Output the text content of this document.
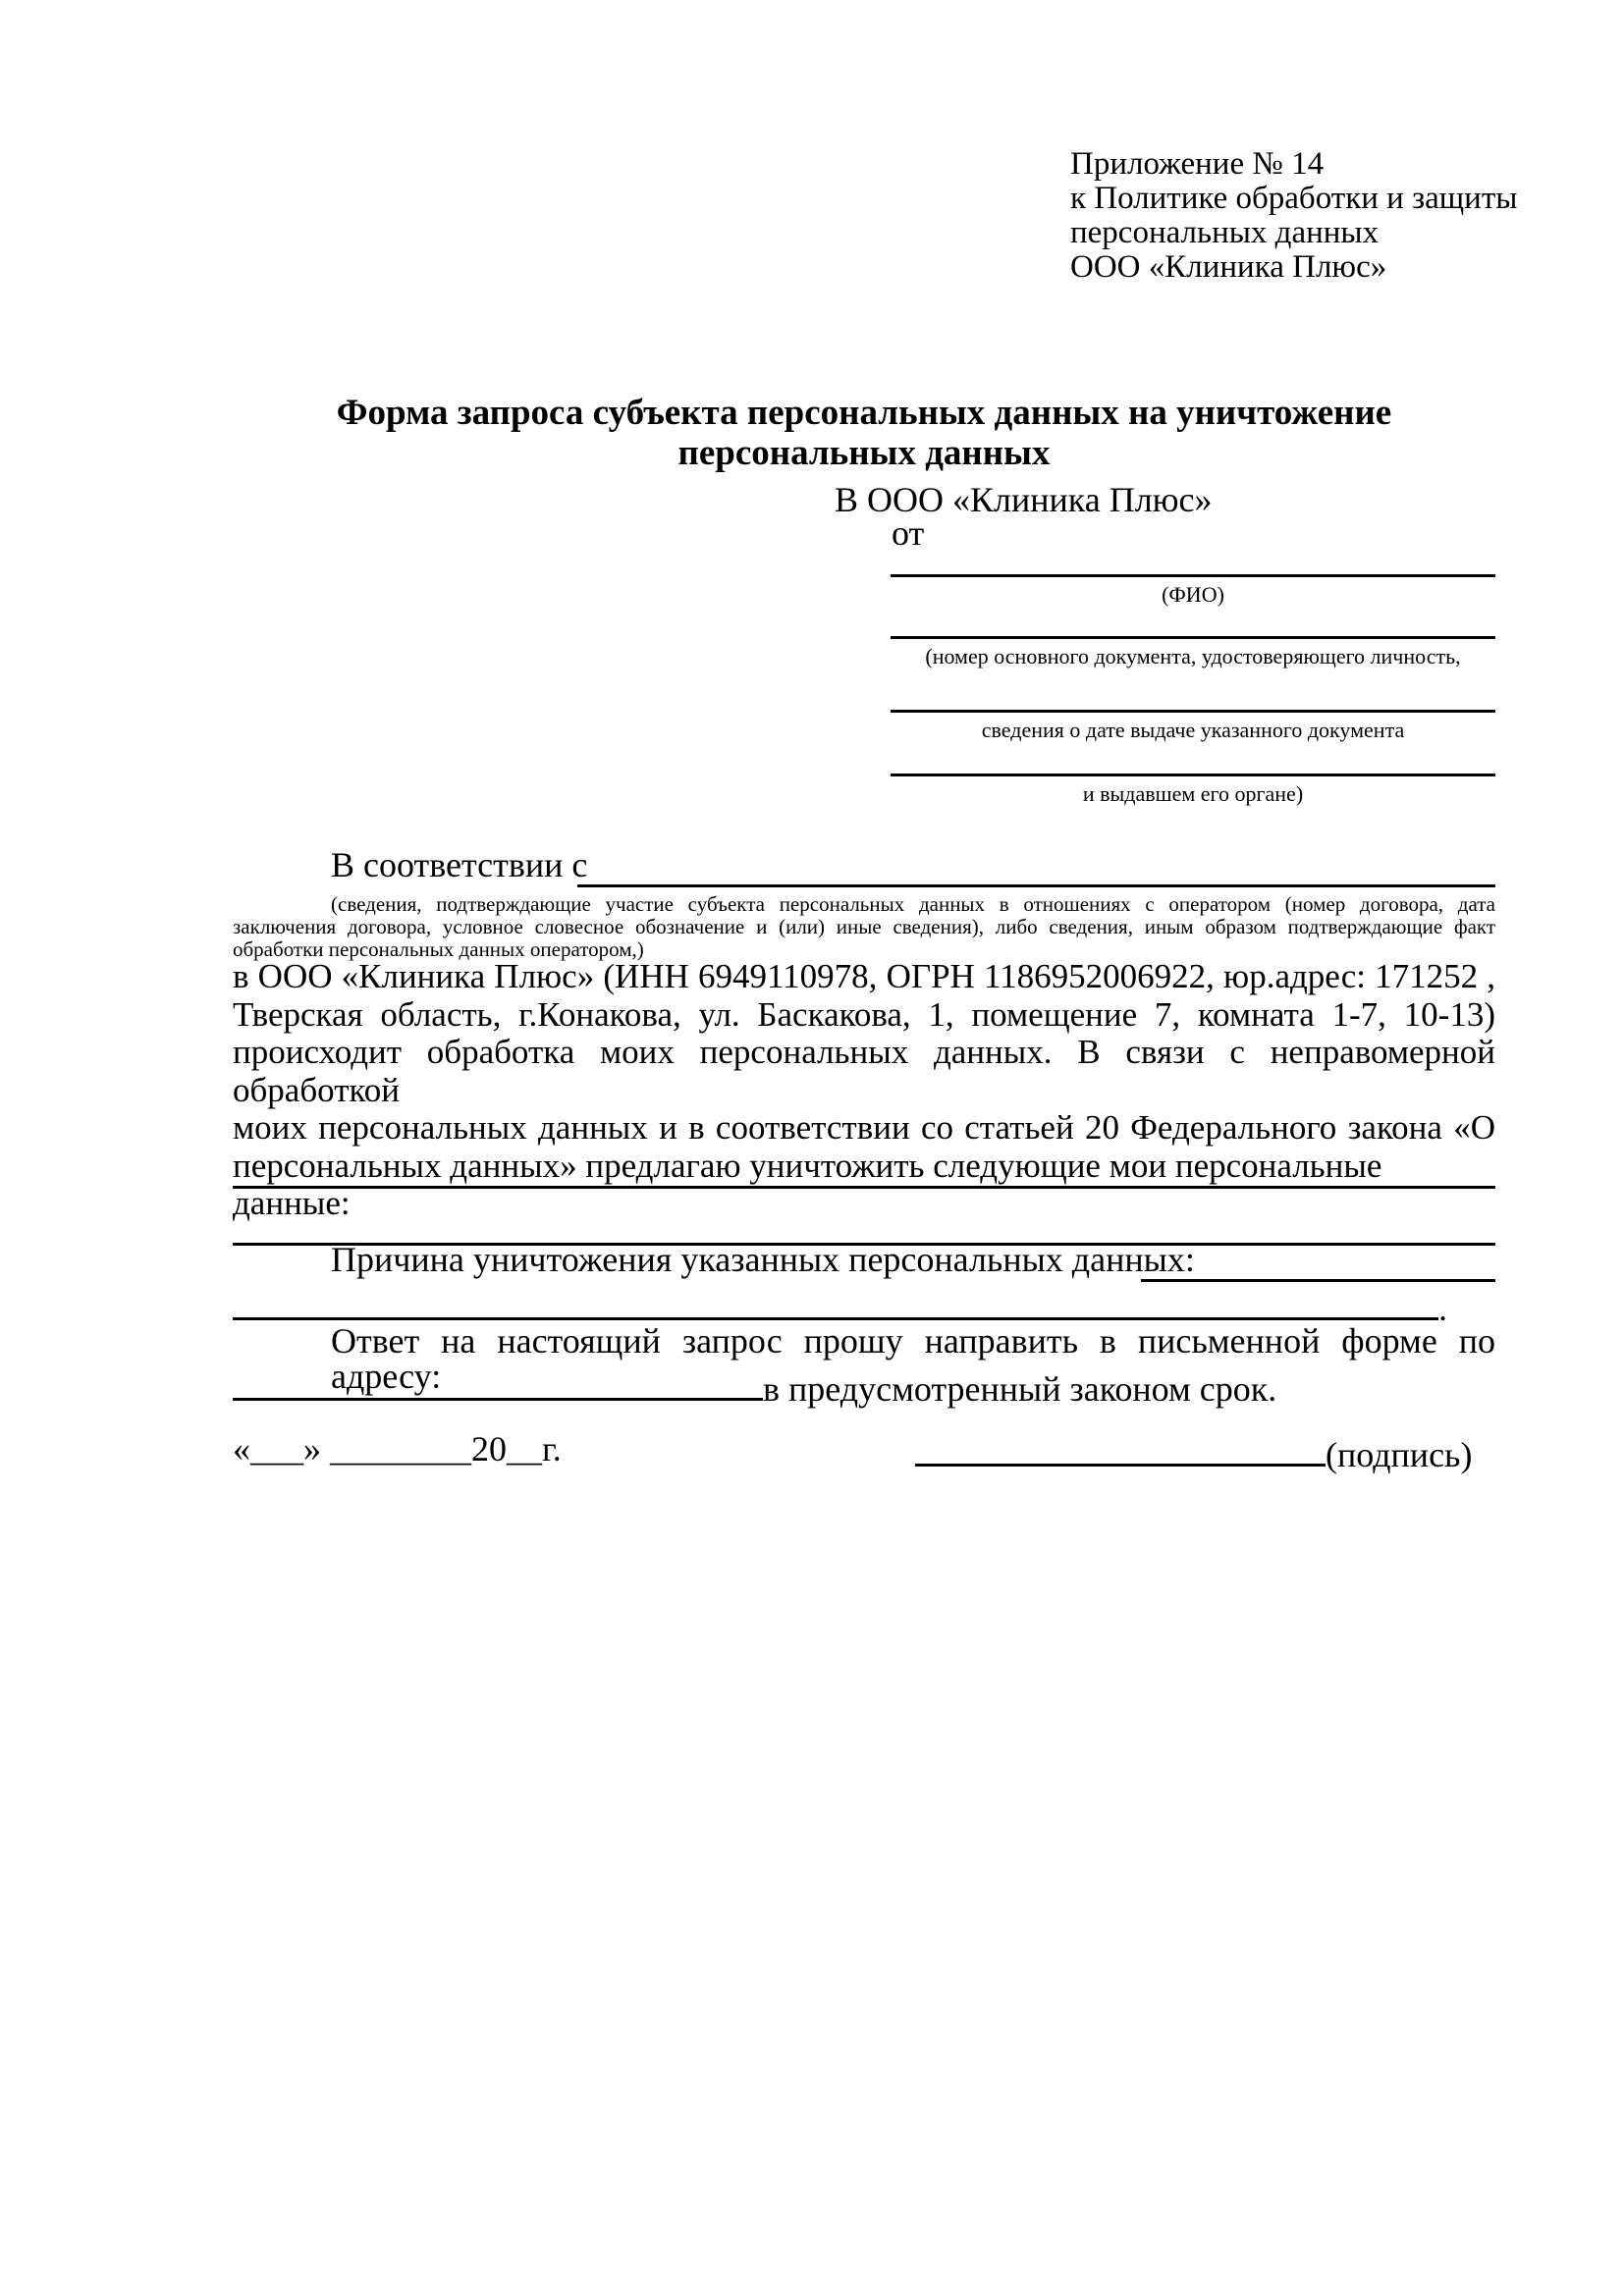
Приложение № 14
к Политике обработки и защиты
персональных данных
ООО «Клиника Плюс»
Форма запроса субъекта персональных данных на уничтожение
персональных данных
В ООО «Клиника Плюс»
от
(ФИО)
(номер основного документа, удостоверяющего личность,
сведения о дате выдаче указанного документа
и выдавшем его органе)
В соответствии с
(сведения, подтверждающие участие субъекта персональных данных в отношениях с оператором (номер договора, дата
заключения договора, условное словесное обозначение и (или) иные сведения), либо сведения, иным образом подтверждающие факт
обработки персональных данных оператором,)
в ООО «Клиника Плюс» (ИНН 6949110978, ОГРН 1186952006922, юр.адрес: 171252 ,
Тверская область, г.Конакова, ул. Баскакова, 1, помещение 7, комната 1-7, 10-13)
происходит обработка моих персональных данных. В связи с неправомерной обработкой
моих персональных данных и в соответствии со статьей 20 Федерального закона «О
персональных данных» предлагаю уничтожить следующие мои персональные данные:
Причина уничтожения указанных персональных данных:
.
Ответ на настоящий запрос прошу направить в письменной форме по адресу:	в предусмотренный законом срок.
«___» ________20__г.	(подпись)
